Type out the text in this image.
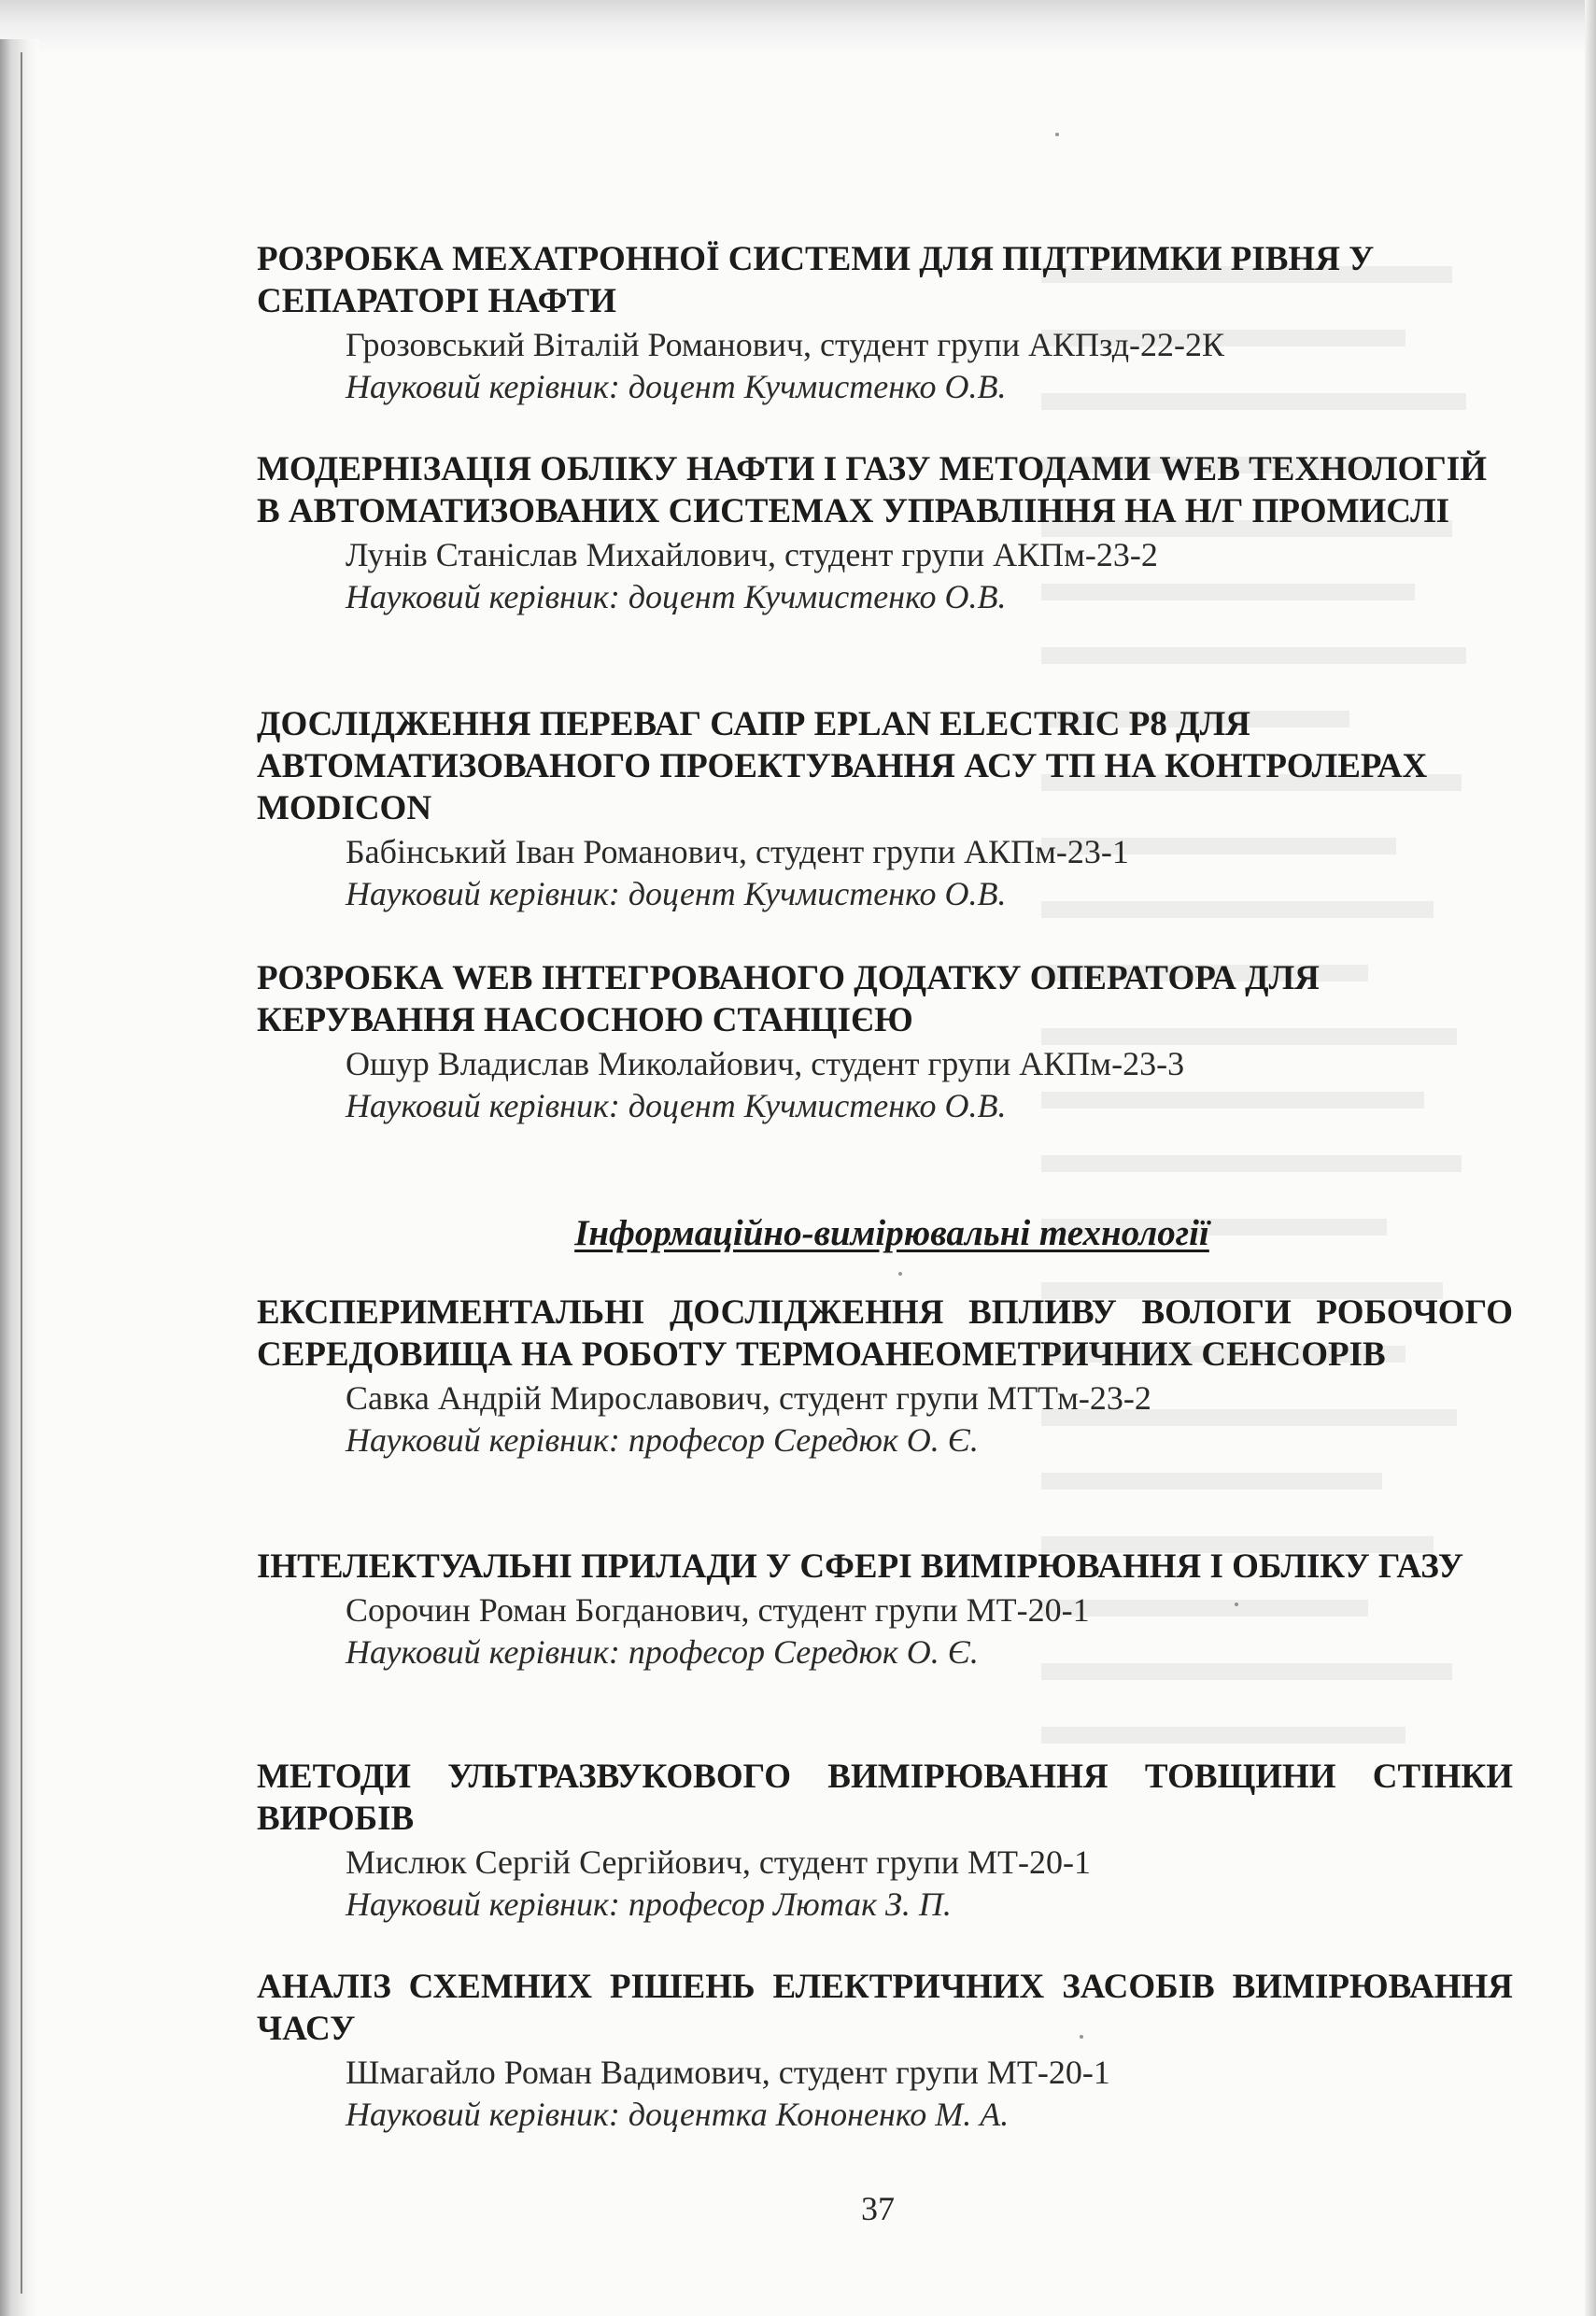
РОЗРОБКА МЕХАТРОННОЇ СИСТЕМИ ДЛЯ ПІДТРИМКИ РІВНЯ У СЕПАРАТОРІ НАФТИ

Грозовський Віталій Романович, студент групи АКПзд-22-2К

Науковий керівник: доцент Кучмистенко О.В.

МОДЕРНІЗАЦІЯ ОБЛІКУ НАФТИ І ГАЗУ МЕТОДАМИ WEB ТЕХНОЛОГІЙ В АВТОМАТИЗОВАНИХ СИСТЕМАХ УПРАВЛІННЯ НА Н/Г ПРОМИСЛІ

Лунів Станіслав Михайлович, студент групи АКПм-23-2

Науковий керівник: доцент Кучмистенко О.В.

ДОСЛІДЖЕННЯ ПЕРЕВАГ САПР EPLAN ELECTRIC P8 ДЛЯ АВТОМАТИЗОВАНОГО ПРОЕКТУВАННЯ АСУ ТП НА КОНТРОЛЕРАХ MODICON

Бабінський Іван Романович, студент групи АКПм-23-1

Науковий керівник: доцент Кучмистенко О.В.

РОЗРОБКА WEB ІНТЕГРОВАНОГО ДОДАТКУ ОПЕРАТОРА ДЛЯ КЕРУВАННЯ НАСОСНОЮ СТАНЦІЄЮ

Ошур Владислав Миколайович, студент групи АКПм-23-3

Науковий керівник: доцент Кучмистенко О.В.

Інформаційно-вимірювальні технології
ЕКСПЕРИМЕНТАЛЬНІ ДОСЛІДЖЕННЯ ВПЛИВУ ВОЛОГИ РОБОЧОГО СЕРЕДОВИЩА НА РОБОТУ ТЕРМОАНЕОМЕТРИЧНИХ СЕНСОРІВ

Савка Андрій Мирославович, студент групи МТТм-23-2

Науковий керівник: професор Середюк О. Є.

ІНТЕЛЕКТУАЛЬНІ ПРИЛАДИ У СФЕРІ ВИМІРЮВАННЯ І ОБЛІКУ ГАЗУ

Сорочин Роман Богданович, студент групи МТ-20-1

Науковий керівник: професор Середюк О. Є.

МЕТОДИ УЛЬТРАЗВУКОВОГО ВИМІРЮВАННЯ ТОВЩИНИ СТІНКИ ВИРОБІВ

Мислюк Сергій Сергійович, студент групи МТ-20-1

Науковий керівник: професор Лютак З. П.

АНАЛІЗ СХЕМНИХ РІШЕНЬ ЕЛЕКТРИЧНИХ ЗАСОБІВ ВИМІРЮВАННЯ ЧАСУ

Шмагайло Роман Вадимович, студент групи МТ-20-1

Науковий керівник: доцентка Кононенко М. А.

37
